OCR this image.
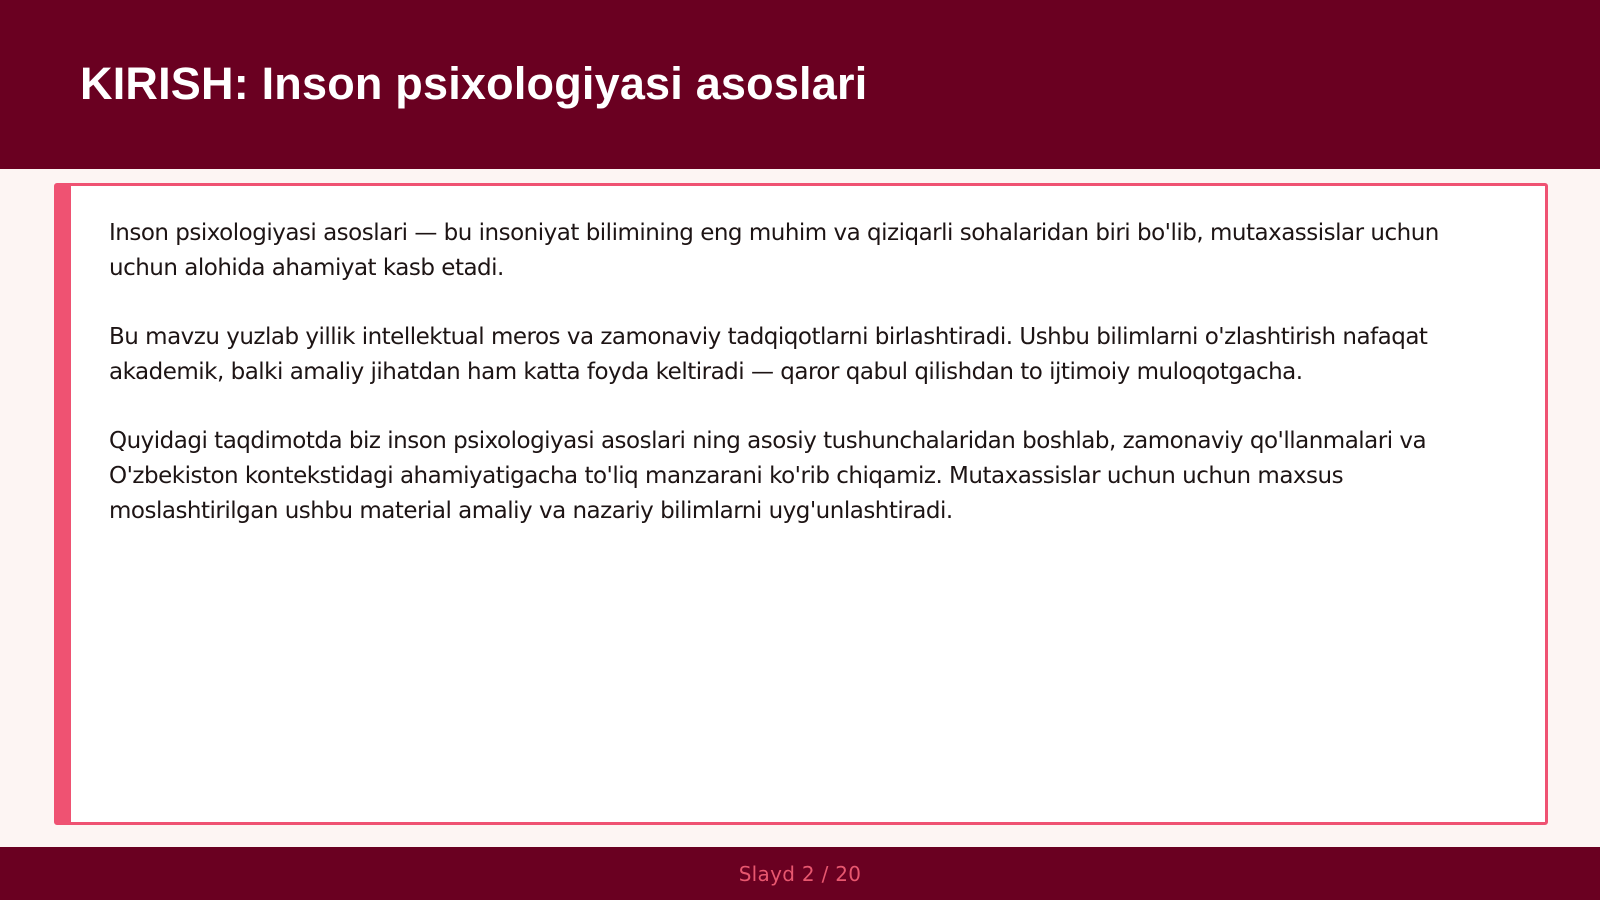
KIRISH: Inson psixologiyasi asoslari

Inson psixologiyasi asoslari — bu insoniyat bilimining eng muhim va qiziqarli sohalaridan biri bo'lib, mutaxassislar uchun uchun alohida ahamiyat kasb etadi.

Bu mavzu yuzlab yillik intellektual meros va zamonaviy tadqiqotlarni birlashtiradi. Ushbu bilimlarni o'zlashtirish nafaqat akademik, balki amaliy jihatdan ham katta foyda keltiradi — qaror qabul qilishdan to ijtimoiy muloqotgacha.

Quyidagi taqdimotda biz inson psixologiyasi asoslari ning asosiy tushunchalaridan boshlab, zamonaviy qo'llanmalari va O'zbekiston kontekstidagi ahamiyatigacha to'liq manzarani ko'rib chiqamiz. Mutaxassislar uchun uchun maxsus moslashtirilgan ushbu material amaliy va nazariy bilimlarni uyg'unlashtiradi.

Slayd 2 / 20
